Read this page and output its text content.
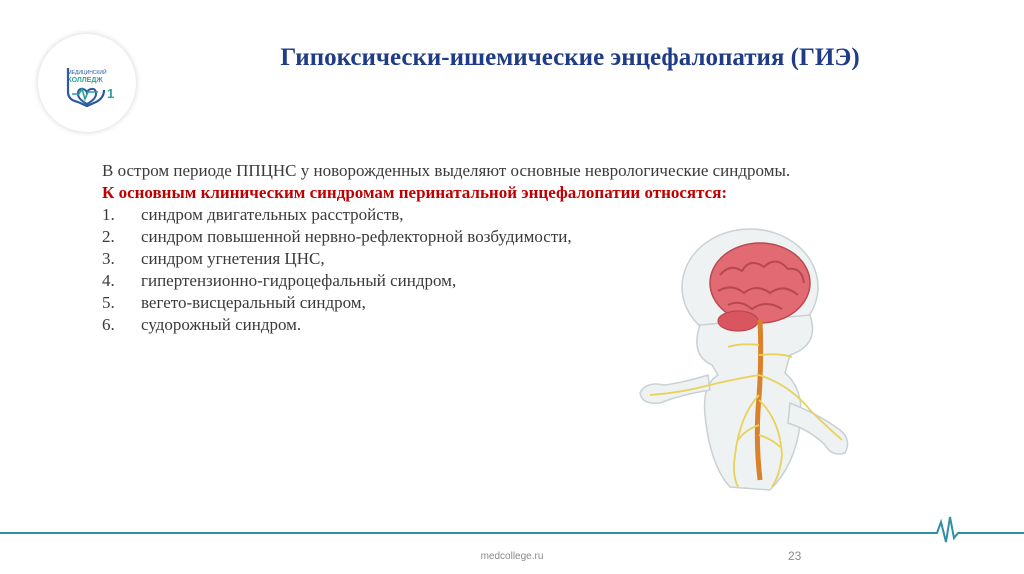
МЕДИЦИНСКИЙ
КОЛЛЕДЖ
1
Гипоксически-ишемические энцефалопатия (ГИЭ)

В остром периоде ППЦНС у новорожденных выделяют основные неврологические синдромы.

К основным клиническим синдромам перинатальной энцефалопатии относятся:

1.	синдром двигательных расстройств,
2.	синдром повышенной нервно-рефлекторной возбудимости,
3.	синдром угнетения ЦНС,
4.	гипертензионно-гидроцефальный синдром,
5.	вегето-висцеральный синдром,
6.	судорожный синдром.
medcollege.ru	23
